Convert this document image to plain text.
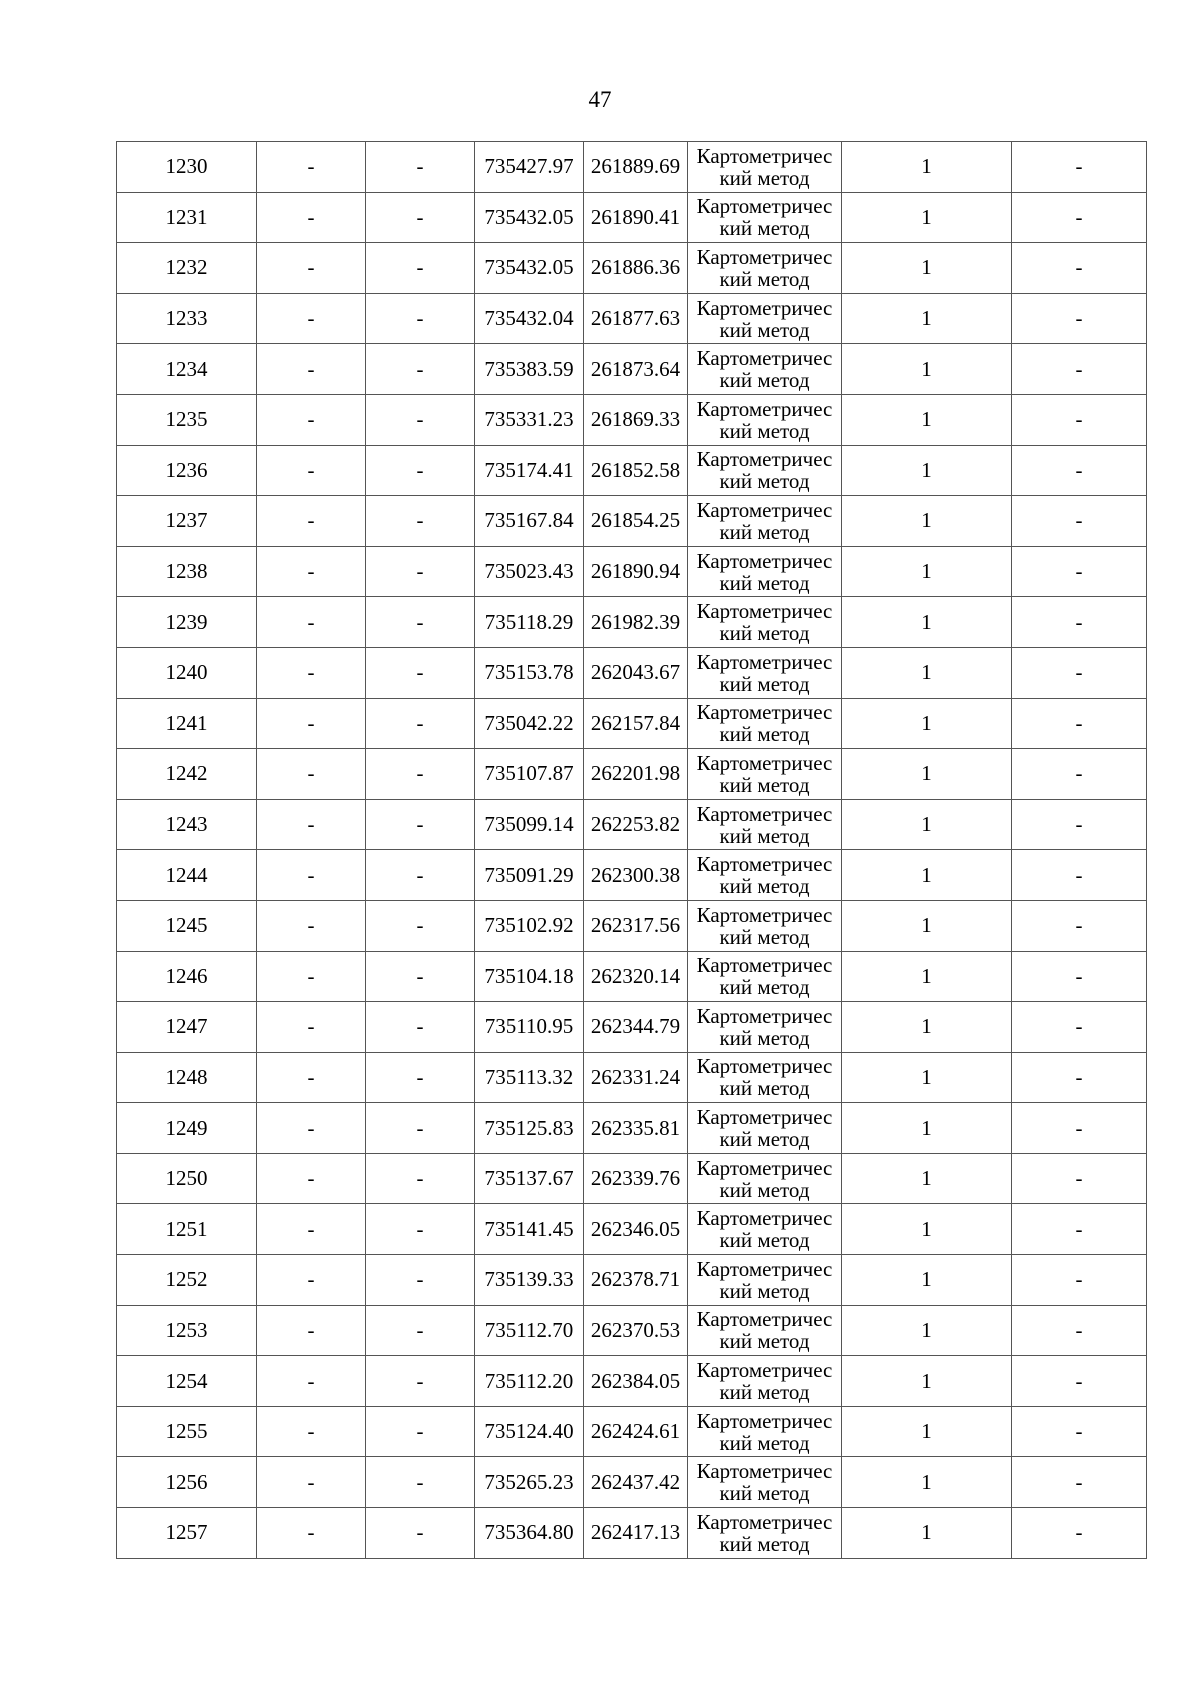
47
1230	-	-	735427.97	261889.69	Картометричес
кий метод	1	-
1231	-	-	735432.05	261890.41	Картометричес
кий метод	1	-
1232	-	-	735432.05	261886.36	Картометричес
кий метод	1	-
1233	-	-	735432.04	261877.63	Картометричес
кий метод	1	-
1234	-	-	735383.59	261873.64	Картометричес
кий метод	1	-
1235	-	-	735331.23	261869.33	Картометричес
кий метод	1	-
1236	-	-	735174.41	261852.58	Картометричес
кий метод	1	-
1237	-	-	735167.84	261854.25	Картометричес
кий метод	1	-
1238	-	-	735023.43	261890.94	Картометричес
кий метод	1	-
1239	-	-	735118.29	261982.39	Картометричес
кий метод	1	-
1240	-	-	735153.78	262043.67	Картометричес
кий метод	1	-
1241	-	-	735042.22	262157.84	Картометричес
кий метод	1	-
1242	-	-	735107.87	262201.98	Картометричес
кий метод	1	-
1243	-	-	735099.14	262253.82	Картометричес
кий метод	1	-
1244	-	-	735091.29	262300.38	Картометричес
кий метод	1	-
1245	-	-	735102.92	262317.56	Картометричес
кий метод	1	-
1246	-	-	735104.18	262320.14	Картометричес
кий метод	1	-
1247	-	-	735110.95	262344.79	Картометричес
кий метод	1	-
1248	-	-	735113.32	262331.24	Картометричес
кий метод	1	-
1249	-	-	735125.83	262335.81	Картометричес
кий метод	1	-
1250	-	-	735137.67	262339.76	Картометричес
кий метод	1	-
1251	-	-	735141.45	262346.05	Картометричес
кий метод	1	-
1252	-	-	735139.33	262378.71	Картометричес
кий метод	1	-
1253	-	-	735112.70	262370.53	Картометричес
кий метод	1	-
1254	-	-	735112.20	262384.05	Картометричес
кий метод	1	-
1255	-	-	735124.40	262424.61	Картометричес
кий метод	1	-
1256	-	-	735265.23	262437.42	Картометричес
кий метод	1	-
1257	-	-	735364.80	262417.13	Картометричес
кий метод	1	-
